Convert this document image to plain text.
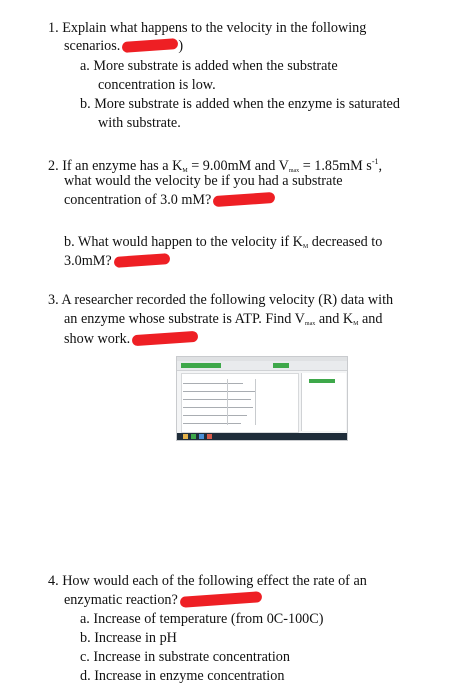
1. Explain what happens to the velocity in the following
scenarios.	)
a. More substrate is added when the substrate
concentration is low.
b. More substrate is added when the enzyme is saturated
with substrate.
2. If an enzyme has a $K_M = 9.00mM$ and $V_{max} = 1.85mM$ $s^{-1}$,
what would the velocity be if you had a substrate
concentration of 3.0 mM?
b. What would happen to the velocity if $K_M$ decreased to
3.0mM?
3. A researcher recorded the following velocity (R) data with
an enzyme whose substrate is ATP. Find $V_{max}$ and $K_M$ and
show work.
4. How would each of the following effect the rate of an
enzymatic reaction?
a. Increase of temperature (from 0C-100C)
b. Increase in pH
c. Increase in substrate concentration
d. Increase in enzyme concentration
